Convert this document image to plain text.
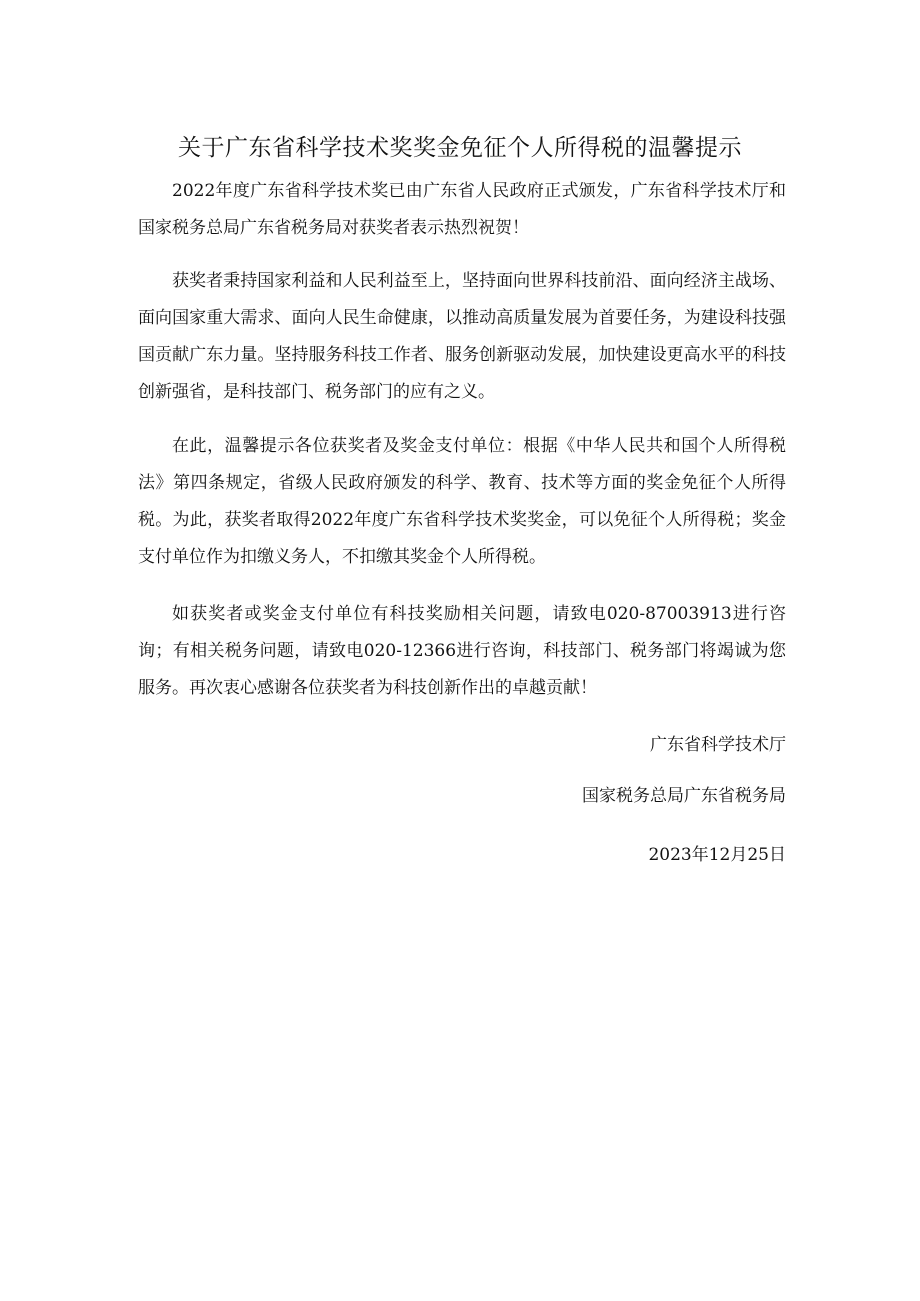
关于广东省科学技术奖奖金免征个人所得税的温馨提示

2022年度广东省科学技术奖已由广东省人民政府正式颁发，广东省科学技术厅和国家税务总局广东省税务局对获奖者表示热烈祝贺！

获奖者秉持国家利益和人民利益至上，坚持面向世界科技前沿、面向经济主战场、面向国家重大需求、面向人民生命健康，以推动高质量发展为首要任务，为建设科技强国贡献广东力量。坚持服务科技工作者、服务创新驱动发展，加快建设更高水平的科技创新强省，是科技部门、税务部门的应有之义。

在此，温馨提示各位获奖者及奖金支付单位：根据《中华人民共和国个人所得税法》第四条规定，省级人民政府颁发的科学、教育、技术等方面的奖金免征个人所得税。为此，获奖者取得2022年度广东省科学技术奖奖金，可以免征个人所得税；奖金支付单位作为扣缴义务人，不扣缴其奖金个人所得税。

如获奖者或奖金支付单位有科技奖励相关问题，请致电020-87003913进行咨询；有相关税务问题，请致电020-12366进行咨询，科技部门、税务部门将竭诚为您服务。再次衷心感谢各位获奖者为科技创新作出的卓越贡献！

广东省科学技术厅
国家税务总局广东省税务局
2023年12月25日
